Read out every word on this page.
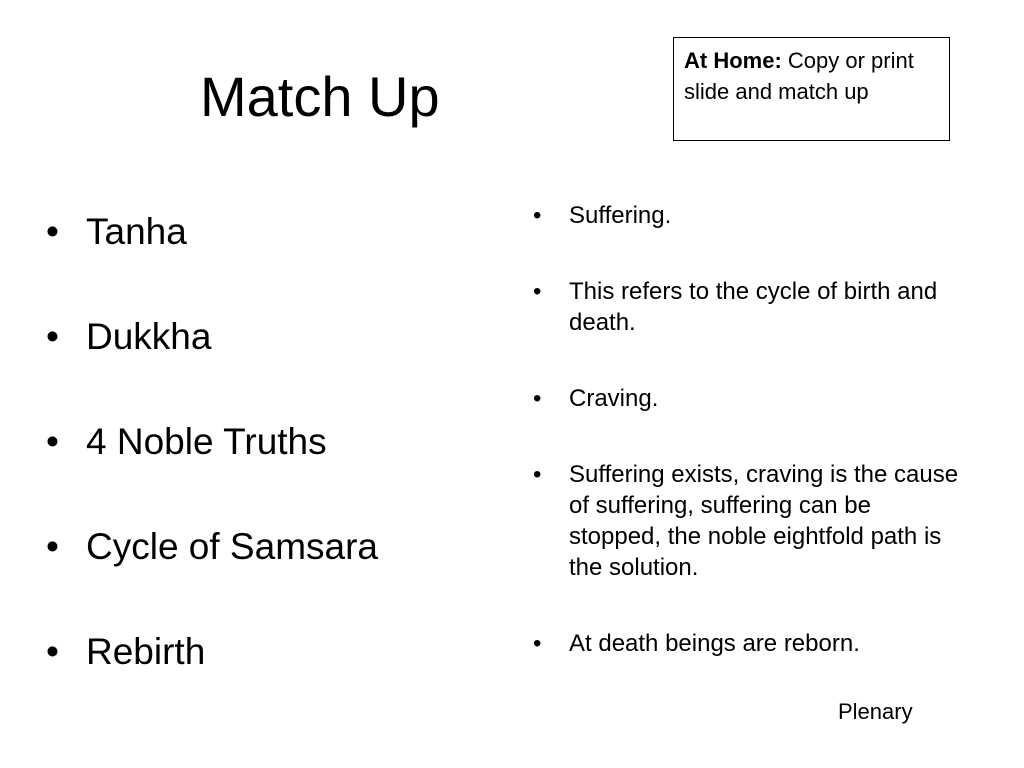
Match Up
At Home: Copy or print slide and match up
• Tanha
• Dukkha
• 4 Noble Truths
• Cycle of Samsara
• Rebirth
• Suffering.
• This refers to the cycle of birth and death.
• Craving.
• Suffering exists, craving is the cause of suffering, suffering can be stopped, the noble eightfold path is the solution.
• At death beings are reborn.
Plenary
